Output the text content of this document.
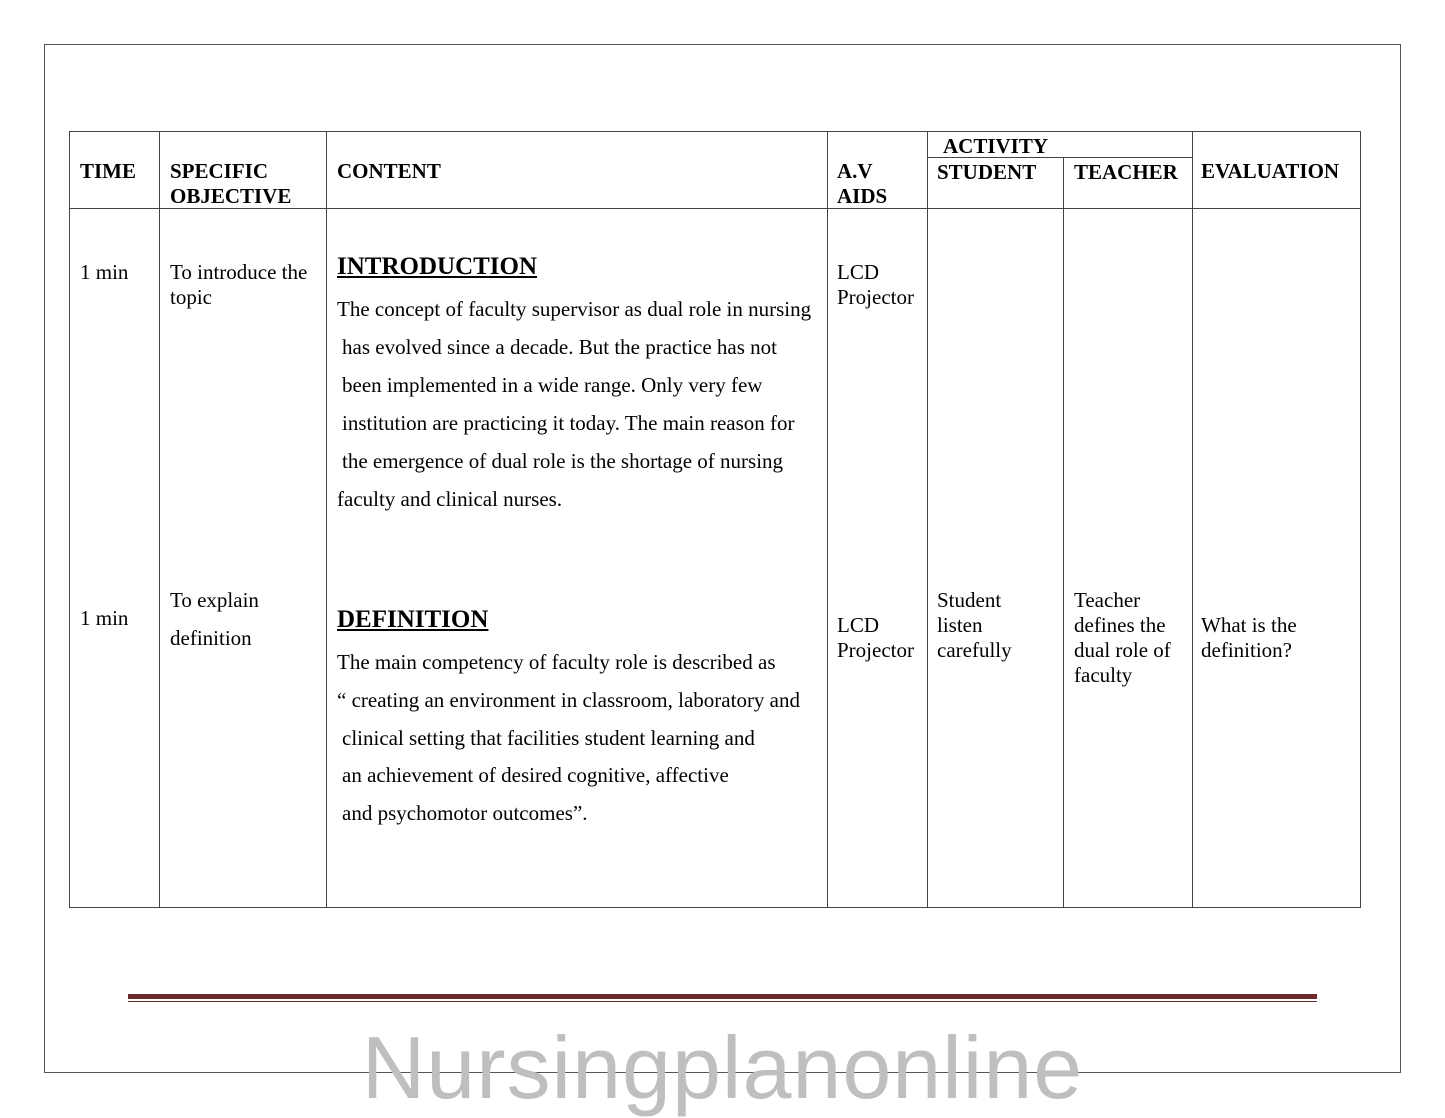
TIME SPECIFIC
OBJECTIVE
CONTENT	A.V
AIDS
ACTIVITY
STUDENT TEACHER EVALUATION
1 min To introduce the
topic
INTRODUCTION
The concept of faculty supervisor as dual role in nursing
has evolved since a decade. But the practice has not
been implemented in a wide range. Only very few
institution are practicing it today. The main reason for
the emergence of dual role is the shortage of nursing
faculty and clinical nurses.
LCD
Projector
1 min
To explain
definition
DEFINITION
The main competency of faculty role is described as
“ creating an environment in classroom, laboratory and
clinical setting that facilities student learning and
an achievement of desired cognitive, affective
and psychomotor outcomes”.
LCD
Projector
Student
listen
carefully
Teacher
defines the
dual role of
faculty
What is the
definition?
Nursingplanonline
